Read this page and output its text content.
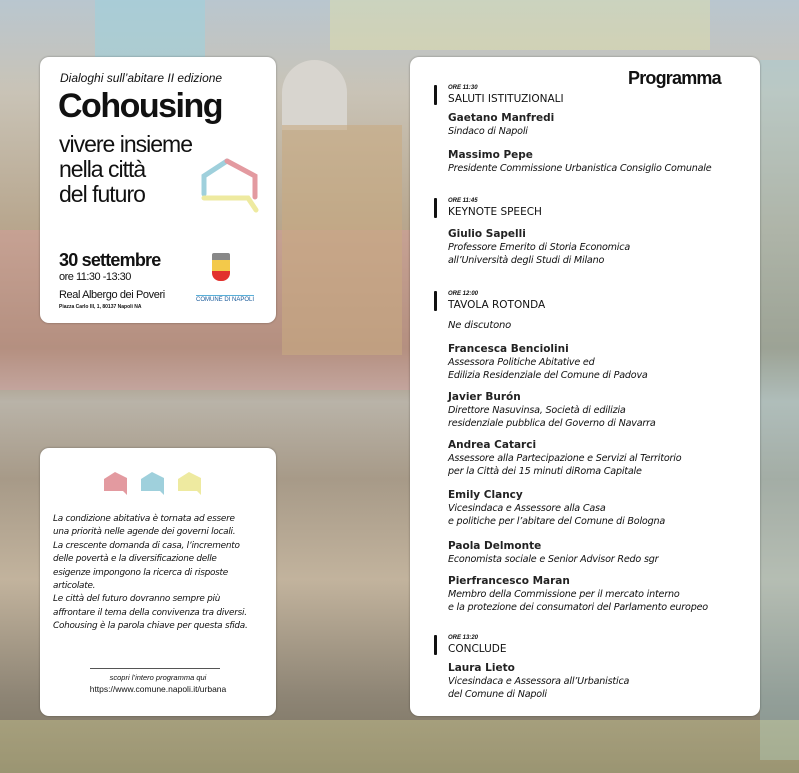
Dialoghi sull’abitare II edizione
Cohousing
vivere insieme
nella città
del futuro
30 settembre
ore 11:30 -13:30
Real Albergo dei Poveri
Piazza Carlo III, 1, 80137 Napoli NA
COMUNE DI NAPOLI
La condizione abitativa è tornata ad essere
una priorità nelle agende dei governi locali.
La crescente domanda di casa, l’incremento
delle povertà e la diversificazione delle
esigenze impongono la ricerca di risposte
articolate.
Le città del futuro dovranno sempre più
affrontare il tema della convivenza tra diversi.
Cohousing è la parola chiave per questa sfida.
scopri l’intero programma qui
https://www.comune.napoli.it/urbana
Programma
ORE 11:30
SALUTI ISTITUZIONALI
ORE 11:45
KEYNOTE SPEECH
ORE 12:00
TAVOLA ROTONDA
ORE 13:20
CONCLUDE
Ne discutono
Gaetano Manfredi
Sindaco di Napoli
Massimo Pepe
Presidente Commissione Urbanistica Consiglio Comunale
Giulio Sapelli
Professore Emerito di Storia Economica
all’Università degli Studi di Milano
Francesca Benciolini
Assessora Politiche Abitative ed
Edilizia Residenziale del Comune di Padova
Javier Burón
Direttore Nasuvinsa, Società di edilizia
residenziale pubblica del Governo di Navarra
Andrea Catarci
Assessore alla Partecipazione e Servizi al Territorio
per la Città dei 15 minuti diRoma Capitale
Emily Clancy
Vicesindaca e Assessore alla Casa
e politiche per l’abitare del Comune di Bologna
Paola Delmonte
Economista sociale e Senior Advisor Redo sgr
Pierfrancesco Maran
Membro della Commissione per il mercato interno
e la protezione dei consumatori del Parlamento europeo
Laura Lieto
Vicesindaca e Assessora all’Urbanistica
del Comune di Napoli
